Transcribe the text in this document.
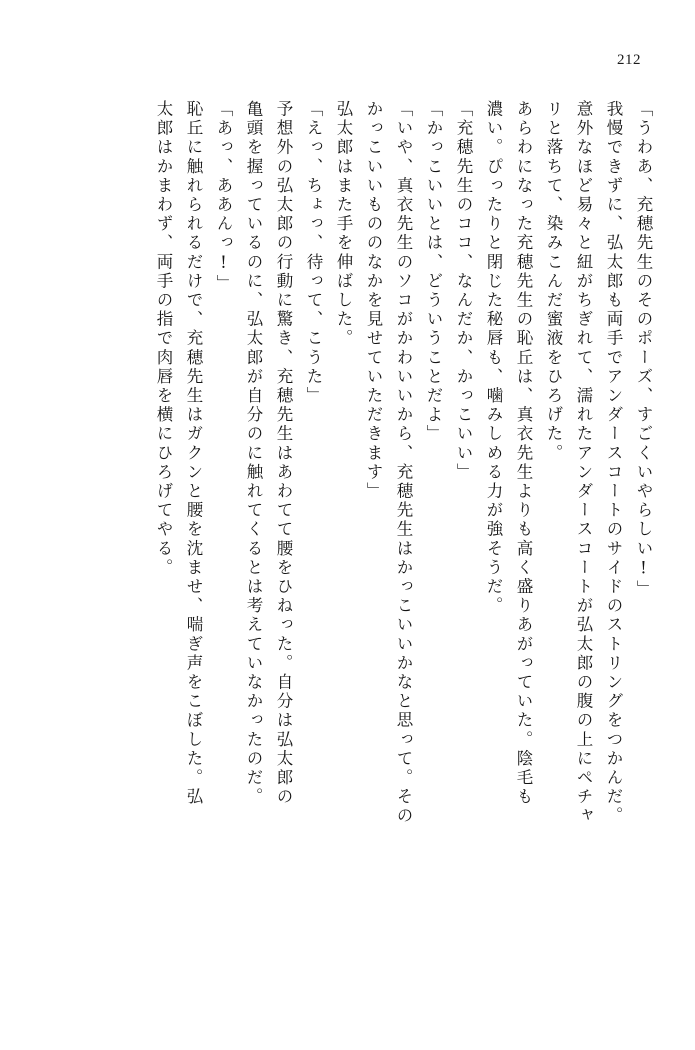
212
「うわあ、充穂先生のそのポーズ、すごくいやらしい!」
我慢できずに、弘太郎も両手でアンダースコートのサイドのストリングをつかんだ。
意外なほど易々と紐がちぎれて、濡れたアンダースコートが弘太郎の腹の上にペチャ
リと落ちて、染みこんだ蜜液をひろげた。
あらわになった充穂先生の恥丘は、真衣先生よりも高く盛りあがっていた。陰毛も
濃い。ぴったりと閉じた秘唇も、噛みしめる力が強そうだ。
「充穂先生のココ、なんだか、かっこいい」
「かっこいいとは、どういうことだよ」
「いや、真衣先生のソコがかわいいから、充穂先生はかっこいいかなと思って。その
かっこいいもののなかを見せていただきます」
弘太郎はまた手を伸ばした。
「えっ、ちょっ、待って、こうた」
予想外の弘太郎の行動に驚き、充穂先生はあわてて腰をひねった。自分は弘太郎の
亀頭を握っているのに、弘太郎が自分のに触れてくるとは考えていなかったのだ。
「あっ、ああんっ!」
恥丘に触れられるだけで、充穂先生はガクンと腰を沈ませ、喘ぎ声をこぼした。弘
太郎はかまわず、両手の指で肉唇を横にひろげてやる。
